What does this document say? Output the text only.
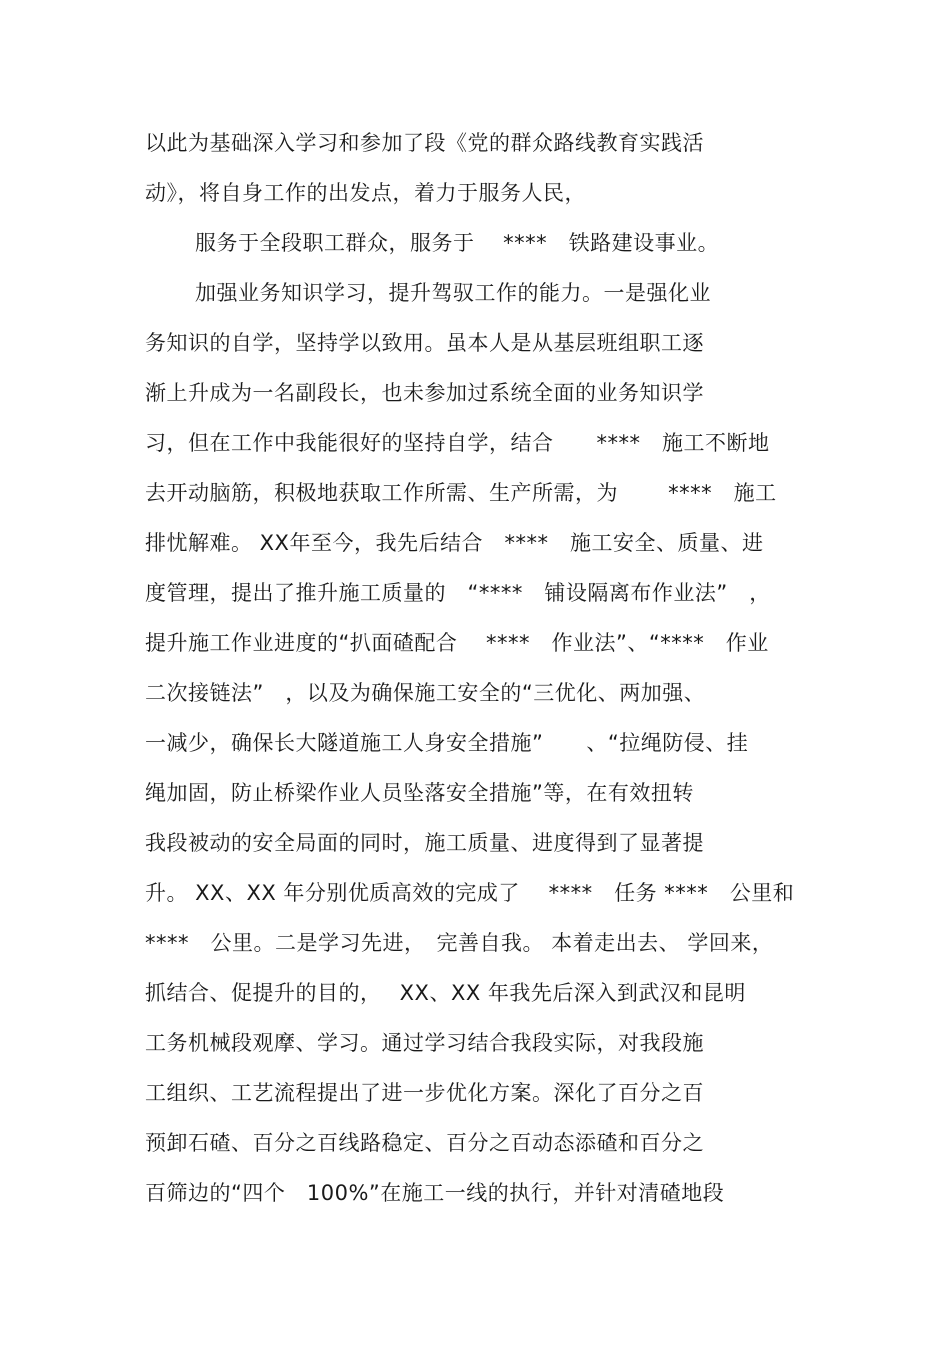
以此为基础深入学习和参加了段《党的群众路线教育实践活
动》，将自身工作的出发点，着力于服务人民，
服务于全段职工群众，服务于　 ****　铁路建设事业。
加强业务知识学习，提升驾驭工作的能力。一是强化业
务知识的自学，坚持学以致用。虽本人是从基层班组职工逐
渐上升成为一名副段长，也未参加过系统全面的业务知识学
习，但在工作中我能很好的坚持自学，结合　　****　施工不断地
去开动脑筋，积极地获取工作所需、生产所需，为　　 ****　施工
排忧解难。 XX年至今，我先后结合　****　施工安全、质量、进
度管理，提出了推升施工质量的　“****　铺设隔离布作业法”　，
提升施工作业进度的“扒面碴配合　 ****　作业法”、“****　作业
二次接链法”　，以及为确保施工安全的“三优化、两加强、
一减少，确保长大隧道施工人身安全措施”　　、“拉绳防侵、挂
绳加固，防止桥梁作业人员坠落安全措施”等，在有效扭转
我段被动的安全局面的同时，施工质量、进度得到了显著提
升。 XX、XX 年分别优质高效的完成了　 ****　任务 ****　公里和
****　公里。二是学习先进，　完善自我。 本着走出去、 学回来，
抓结合、促提升的目的，　 XX、XX 年我先后深入到武汉和昆明
工务机械段观摩、学习。通过学习结合我段实际，对我段施
工组织、工艺流程提出了进一步优化方案。深化了百分之百
预卸石碴、百分之百线路稳定、百分之百动态添碴和百分之
百筛边的“四个　100%”在施工一线的执行，并针对清碴地段
